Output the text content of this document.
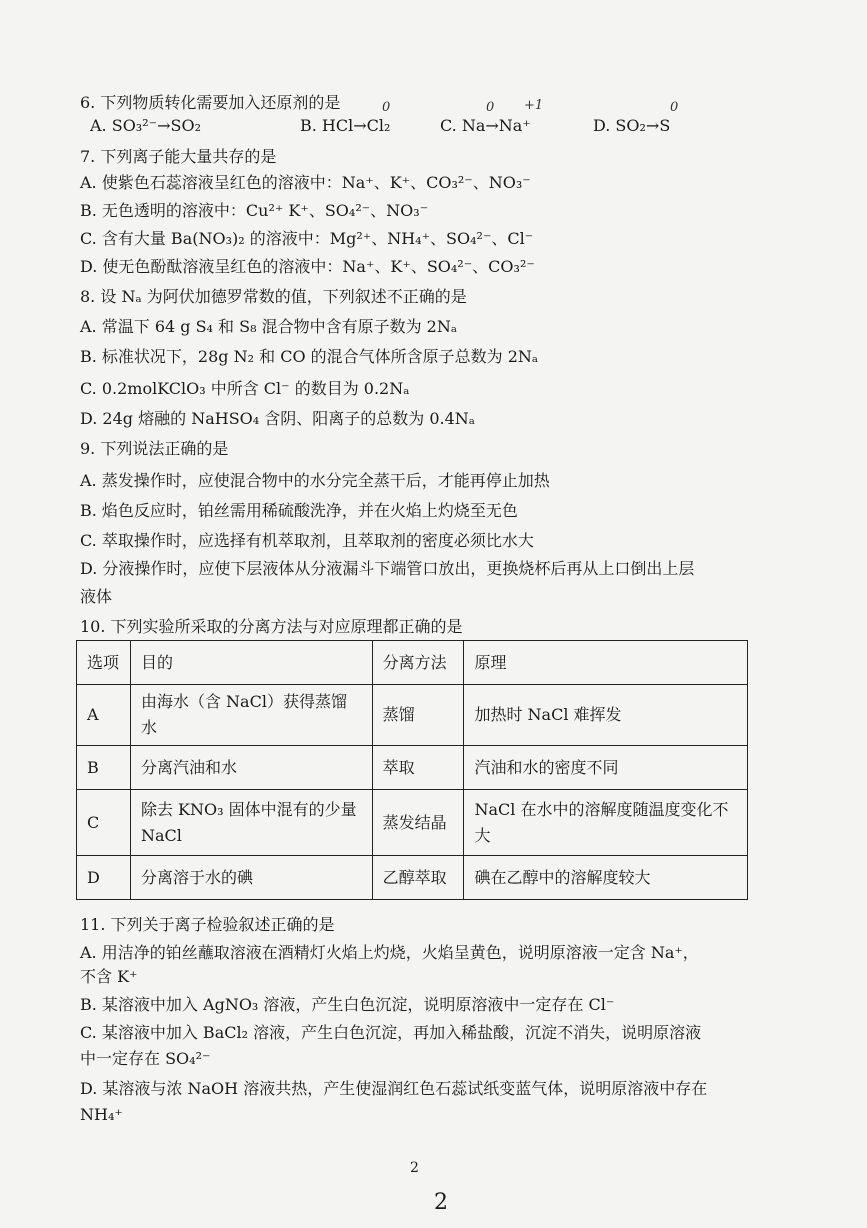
6. 下列物质转化需要加入还原剂的是	0	0 +1	0
A. SO₃²⁻→SO₂	B. HCl→Cl₂	C. Na→Na⁺	D. SO₂→S
7. 下列离子能大量共存的是
A. 使紫色石蕊溶液呈红色的溶液中：Na⁺、K⁺、CO₃²⁻、NO₃⁻
B. 无色透明的溶液中：Cu²⁺ K⁺、SO₄²⁻、NO₃⁻
C. 含有大量 Ba(NO₃)₂ 的溶液中：Mg²⁺、NH₄⁺、SO₄²⁻、Cl⁻
D. 使无色酚酞溶液呈红色的溶液中：Na⁺、K⁺、SO₄²⁻、CO₃²⁻
8. 设 Nₐ 为阿伏加德罗常数的值，下列叙述不正确的是
A. 常温下 64 g S₄ 和 S₈ 混合物中含有原子数为 2Nₐ
B. 标准状况下，28g N₂ 和 CO 的混合气体所含原子总数为 2Nₐ
C. 0.2molKClO₃ 中所含 Cl⁻ 的数目为 0.2Nₐ
D. 24g 熔融的 NaHSO₄ 含阴、阳离子的总数为 0.4Nₐ
9. 下列说法正确的是
A. 蒸发操作时，应使混合物中的水分完全蒸干后，才能再停止加热
B. 焰色反应时，铂丝需用稀硫酸洗净，并在火焰上灼烧至无色
C. 萃取操作时，应选择有机萃取剂，且萃取剂的密度必须比水大
D. 分液操作时，应使下层液体从分液漏斗下端管口放出，更换烧杯后再从上口倒出上层
液体
10. 下列实验所采取的分离方法与对应原理都正确的是
选项	目的	分离方法	原理
A	由海水（含 NaCl）获得蒸馏水	蒸馏	加热时 NaCl 难挥发
B	分离汽油和水	萃取	汽油和水的密度不同
C	除去 KNO₃ 固体中混有的少量 NaCl	蒸发结晶	NaCl 在水中的溶解度随温度变化不大
D	分离溶于水的碘	乙醇萃取	碘在乙醇中的溶解度较大
11. 下列关于离子检验叙述正确的是
A. 用洁净的铂丝蘸取溶液在酒精灯火焰上灼烧，火焰呈黄色，说明原溶液一定含 Na⁺，
不含 K⁺
B. 某溶液中加入 AgNO₃ 溶液，产生白色沉淀，说明原溶液中一定存在 Cl⁻
C. 某溶液中加入 BaCl₂ 溶液，产生白色沉淀，再加入稀盐酸，沉淀不消失，说明原溶液
中一定存在 SO₄²⁻
D. 某溶液与浓 NaOH 溶液共热，产生使湿润红色石蕊试纸变蓝气体，说明原溶液中存在
NH₄⁺
2
2
